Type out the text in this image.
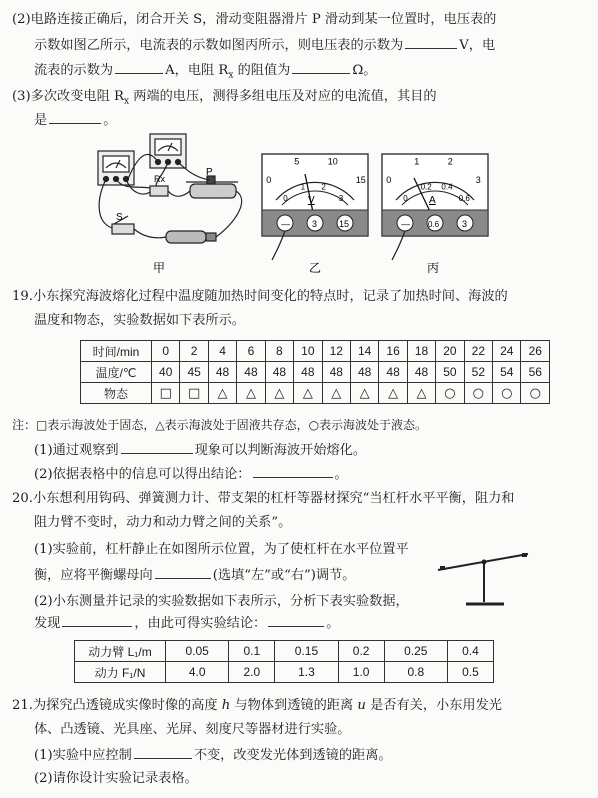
(2)电路连接正确后，闭合开关 S，滑动变阻器滑片 P 滑动到某一位置时，电压表的
示数如图乙所示，电流表的示数如图丙所示，则电压表的示数为	V，电
流表的示数为	A，电阻 $R_x$ 的阻值为	Ω。
(3)多次改变电阻 $R_x$ 两端的电压，测得多组电压及对应的电流值，其目的
是	。
Rx
P
S
甲
0
0
5
1
10
2
15
3
V
— 3 15
乙
0
0
1
0.2
2
0.4
3
0.6
A
— 0.6	3
丙
19.小东探究海波熔化过程中温度随加热时间变化的特点时，记录了加热时间、海波的
温度和物态，实验数据如下表所示。
时间/min	0	2	4	6	8	10	12	14	16	18	20	22	24	26
温度/℃	40	45	48	48	48	48	48	48	48	48	50	52	54	56
物态	□	□	△	△	△	△	△	△	△	△	○	○	○	○
注：□表示海波处于固态，△表示海波处于固液共存态，○表示海波处于液态。
(1)通过观察到	现象可以判断海波开始熔化。
(2)依据表格中的信息可以得出结论：	。
20.小东想利用钩码、弹簧测力计、带支架的杠杆等器材探究“当杠杆水平平衡，阻力和
阻力臂不变时，动力和动力臂之间的关系”。
(1)实验前，杠杆静止在如图所示位置，为了使杠杆在水平位置平
衡，应将平衡螺母向	(选填“左”或“右”)调节。
(2)小东测量并记录的实验数据如下表所示，分析下表实验数据，
发现	，由此可得实验结论：	。
动力臂 L₁/m	0.05	0.1	0.15	0.2	0.25	0.4
动力 F₁/N	4.0	2.0	1.3	1.0	0.8	0.5
21.为探究凸透镜成实像时像的高度 h 与物体到透镜的距离 u 是否有关，小东用发光
体、凸透镜、光具座、光屏、刻度尺等器材进行实验。
(1)实验中应控制	不变，改变发光体到透镜的距离。
(2)请你设计实验记录表格。
